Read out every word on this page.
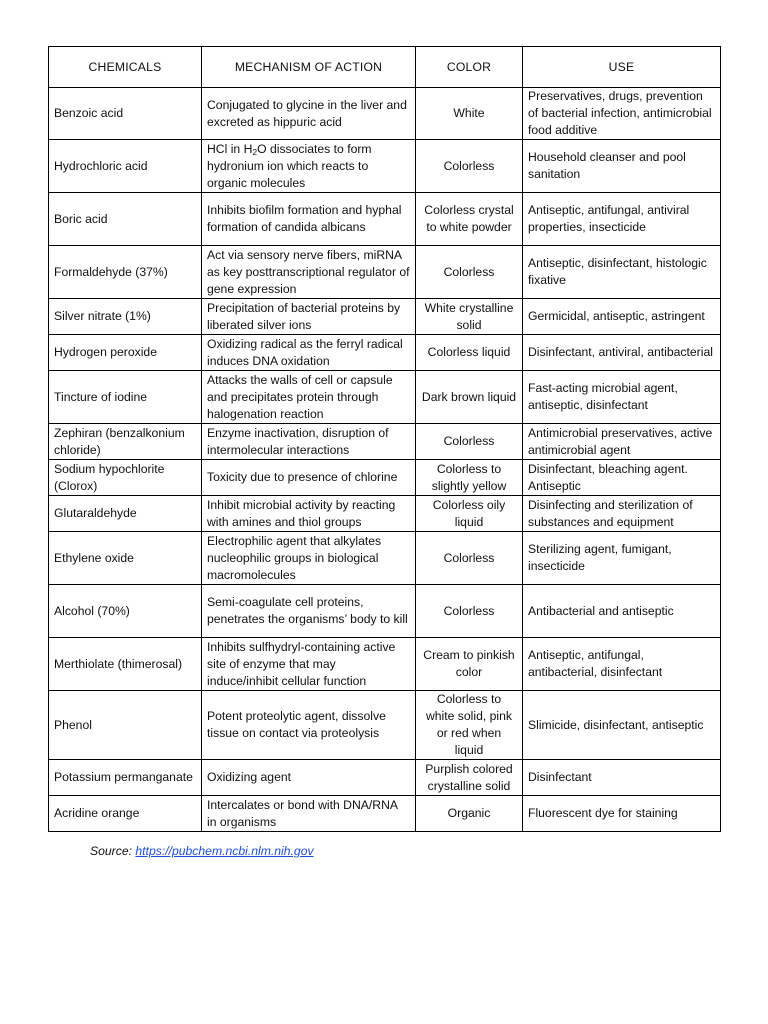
CHEMICALS	MECHANISM OF ACTION	COLOR	USE
Benzoic acid	Conjugated to glycine in the liver and excreted as hippuric acid	White	Preservatives, drugs, prevention of bacterial infection, antimicrobial food additive
Hydrochloric acid	HCl in $H_2O$ dissociates to form hydronium ion which reacts to organic molecules	Colorless	Household cleanser and pool sanitation
Boric acid	Inhibits biofilm formation and hyphal formation of candida albicans	Colorless crystal to white powder	Antiseptic, antifungal, antiviral properties, insecticide
Formaldehyde (37%)	Act via sensory nerve fibers, miRNA as key posttranscriptional regulator of gene expression	Colorless	Antiseptic, disinfectant, histologic fixative
Silver nitrate (1%)	Precipitation of bacterial proteins by liberated silver ions	White crystalline solid	Germicidal, antiseptic, astringent
Hydrogen peroxide	Oxidizing radical as the ferryl radical induces DNA oxidation	Colorless liquid	Disinfectant, antiviral, antibacterial
Tincture of iodine	Attacks the walls of cell or capsule and precipitates protein through halogenation reaction	Dark brown liquid	Fast-acting microbial agent, antiseptic, disinfectant
Zephiran (benzalkonium chloride)	Enzyme inactivation, disruption of intermolecular interactions	Colorless	Antimicrobial preservatives, active antimicrobial agent
Sodium hypochlorite (Clorox)	Toxicity due to presence of chlorine	Colorless to slightly yellow	Disinfectant, bleaching agent. Antiseptic
Glutaraldehyde	Inhibit microbial activity by reacting with amines and thiol groups	Colorless oily liquid	Disinfecting and sterilization of substances and equipment
Ethylene oxide	Electrophilic agent that alkylates nucleophilic groups in biological macromolecules	Colorless	Sterilizing agent, fumigant, insecticide
Alcohol (70%)	Semi-coagulate cell proteins, penetrates the organisms’ body to kill	Colorless	Antibacterial and antiseptic
Merthiolate (thimerosal)	Inhibits sulfhydryl-containing active site of enzyme that may induce/inhibit cellular function	Cream to pinkish color	Antiseptic, antifungal, antibacterial, disinfectant
Phenol	Potent proteolytic agent, dissolve tissue on contact via proteolysis	Colorless to white solid, pink or red when liquid	Slimicide, disinfectant, antiseptic
Potassium permanganate	Oxidizing agent	Purplish colored crystalline solid	Disinfectant
Acridine orange	Intercalates or bond with DNA/RNA in organisms	Organic	Fluorescent dye for staining
Source: https://pubchem.ncbi.nlm.nih.gov
